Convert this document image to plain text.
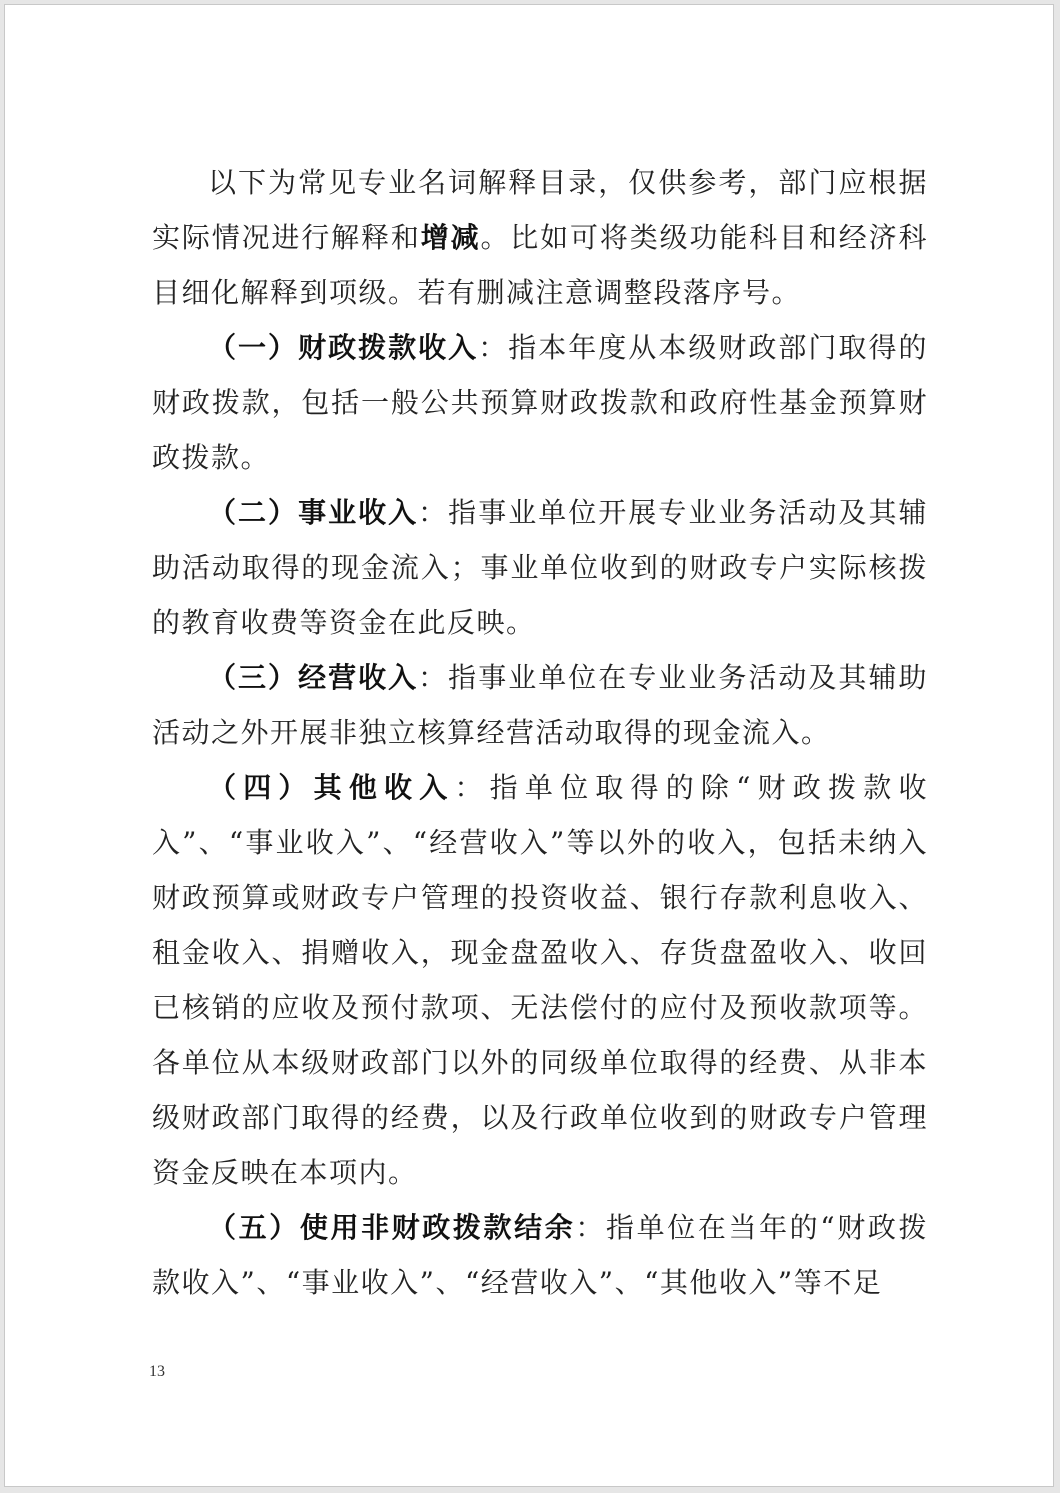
以下为常见专业名词解释目录，仅供参考，部门应根据实际情况进行解释和增减。比如可将类级功能科目和经济科目细化解释到项级。若有删减注意调整段落序号。

（一）财政拨款收入：指本年度从本级财政部门取得的财政拨款，包括一般公共预算财政拨款和政府性基金预算财政拨款。

（二）事业收入：指事业单位开展专业业务活动及其辅助活动取得的现金流入；事业单位收到的财政专户实际核拨的教育收费等资金在此反映。

（三）经营收入：指事业单位在专业业务活动及其辅助活动之外开展非独立核算经营活动取得的现金流入。

（四）其他收入：指单位取得的除“财政拨款收入”、“事业收入”、“经营收入”等以外的收入，包括未纳入财政预算或财政专户管理的投资收益、银行存款利息收入、租金收入、捐赠收入，现金盘盈收入、存货盘盈收入、收回已核销的应收及预付款项、无法偿付的应付及预收款项等。各单位从本级财政部门以外的同级单位取得的经费、从非本级财政部门取得的经费，以及行政单位收到的财政专户管理资金反映在本项内。

（五）使用非财政拨款结余：指单位在当年的“财政拨款收入”、“事业收入”、“经营收入”、“其他收入”等不足

13
